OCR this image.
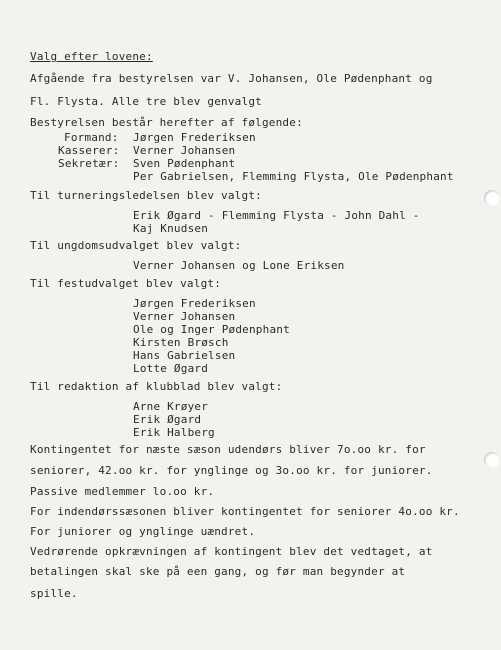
Valg efter lovene:
Afgående fra bestyrelsen var V. Johansen, Ole Pødenphant og
Fl. Flysta. Alle tre blev genvalgt
Bestyrelsen består herefter af følgende:
Formand: Jørgen Frederiksen
Kasserer: Verner Johansen
Sekretær: Sven Pødenphant
Per Gabrielsen, Flemming Flysta, Ole Pødenphant
Til turneringsledelsen blev valgt:
Erik Øgard - Flemming Flysta - John Dahl -
Kaj Knudsen
Til ungdomsudvalget blev valgt:
Verner Johansen og Lone Eriksen
Til festudvalget blev valgt:
Jørgen Frederiksen
Verner Johansen
Ole og Inger Pødenphant
Kirsten Brøsch
Hans Gabrielsen
Lotte Øgard
Til redaktion af klubblad blev valgt:
Arne Krøyer
Erik Øgard
Erik Halberg
Kontingentet for næste sæson udendørs bliver 7o.oo kr. for
seniorer, 42.oo kr. for ynglinge og 3o.oo kr. for juniorer.
Passive medlemmer lo.oo kr.
For indendørssæsonen bliver kontingentet for seniorer 4o.oo kr.
For juniorer og ynglinge uændret.
Vedrørende opkrævningen af kontingent blev det vedtaget, at
betalingen skal ske på een gang, og før man begynder at
spille.
